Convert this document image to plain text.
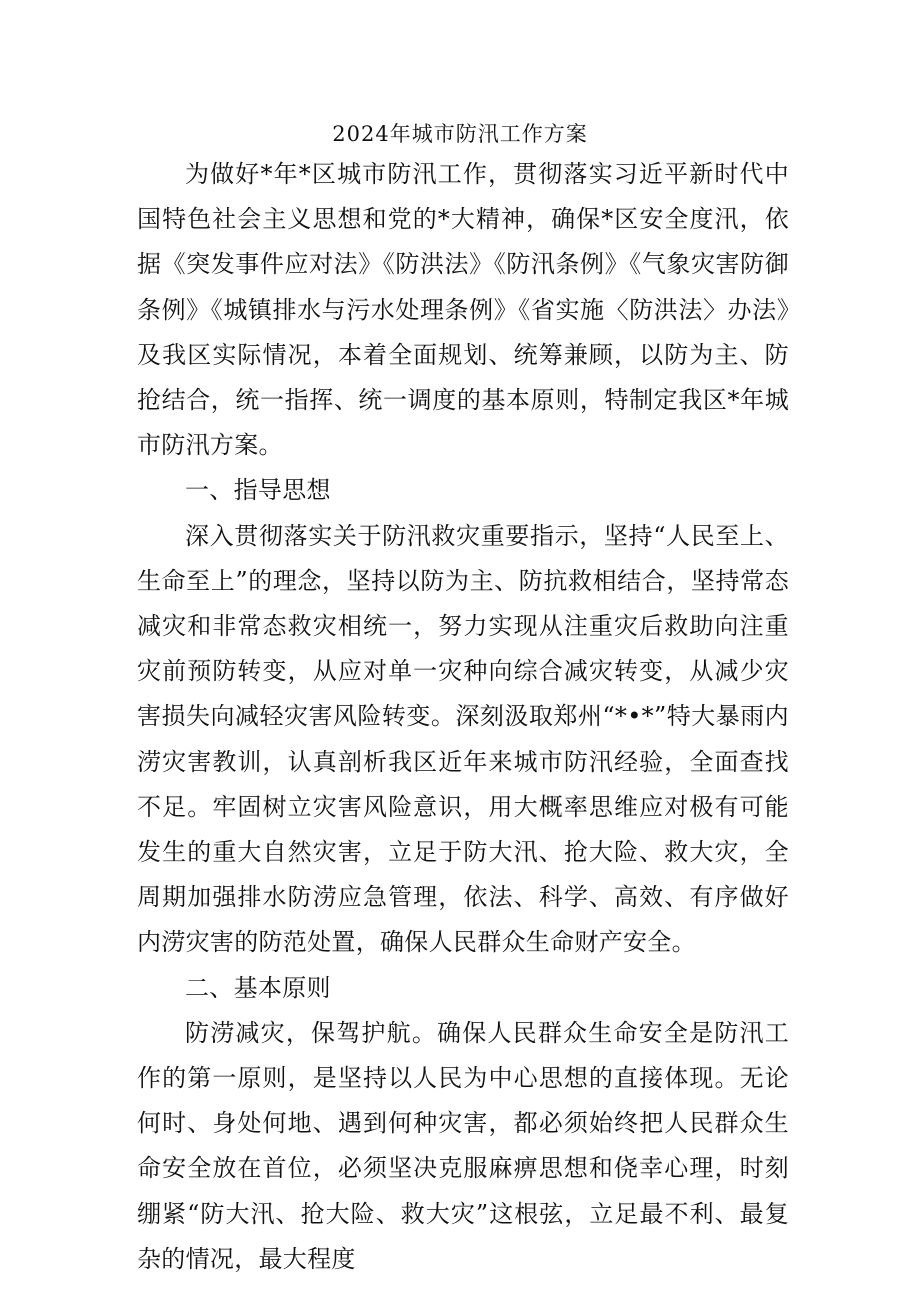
2024年城市防汛工作方案

为做好*年*区城市防汛工作，贯彻落实习近平新时代中国特色社会主义思想和党的*大精神，确保*区安全度汛，依据《突发事件应对法》《防洪法》《防汛条例》《气象灾害防御条例》《城镇排水与污水处理条例》《省实施〈防洪法〉办法》及我区实际情况，本着全面规划、统筹兼顾，以防为主、防抢结合，统一指挥、统一调度的基本原则，特制定我区*年城市防汛方案。

一、指导思想

深入贯彻落实关于防汛救灾重要指示，坚持“人民至上、生命至上”的理念，坚持以防为主、防抗救相结合，坚持常态减灾和非常态救灾相统一，努力实现从注重灾后救助向注重灾前预防转变，从应对单一灾种向综合减灾转变，从减少灾害损失向减轻灾害风险转变。深刻汲取郑州“*•*”特大暴雨内涝灾害教训，认真剖析我区近年来城市防汛经验，全面查找不足。牢固树立灾害风险意识，用大概率思维应对极有可能发生的重大自然灾害，立足于防大汛、抢大险、救大灾，全周期加强排水防涝应急管理，依法、科学、高效、有序做好内涝灾害的防范处置，确保人民群众生命财产安全。

二、基本原则

防涝减灾，保驾护航。确保人民群众生命安全是防汛工作的第一原则，是坚持以人民为中心思想的直接体现。无论何时、身处何地、遇到何种灾害，都必须始终把人民群众生命安全放在首位，必须坚决克服麻痹思想和侥幸心理，时刻绷紧“防大汛、抢大险、救大灾”这根弦，立足最不利、最复杂的情况，最大程度
